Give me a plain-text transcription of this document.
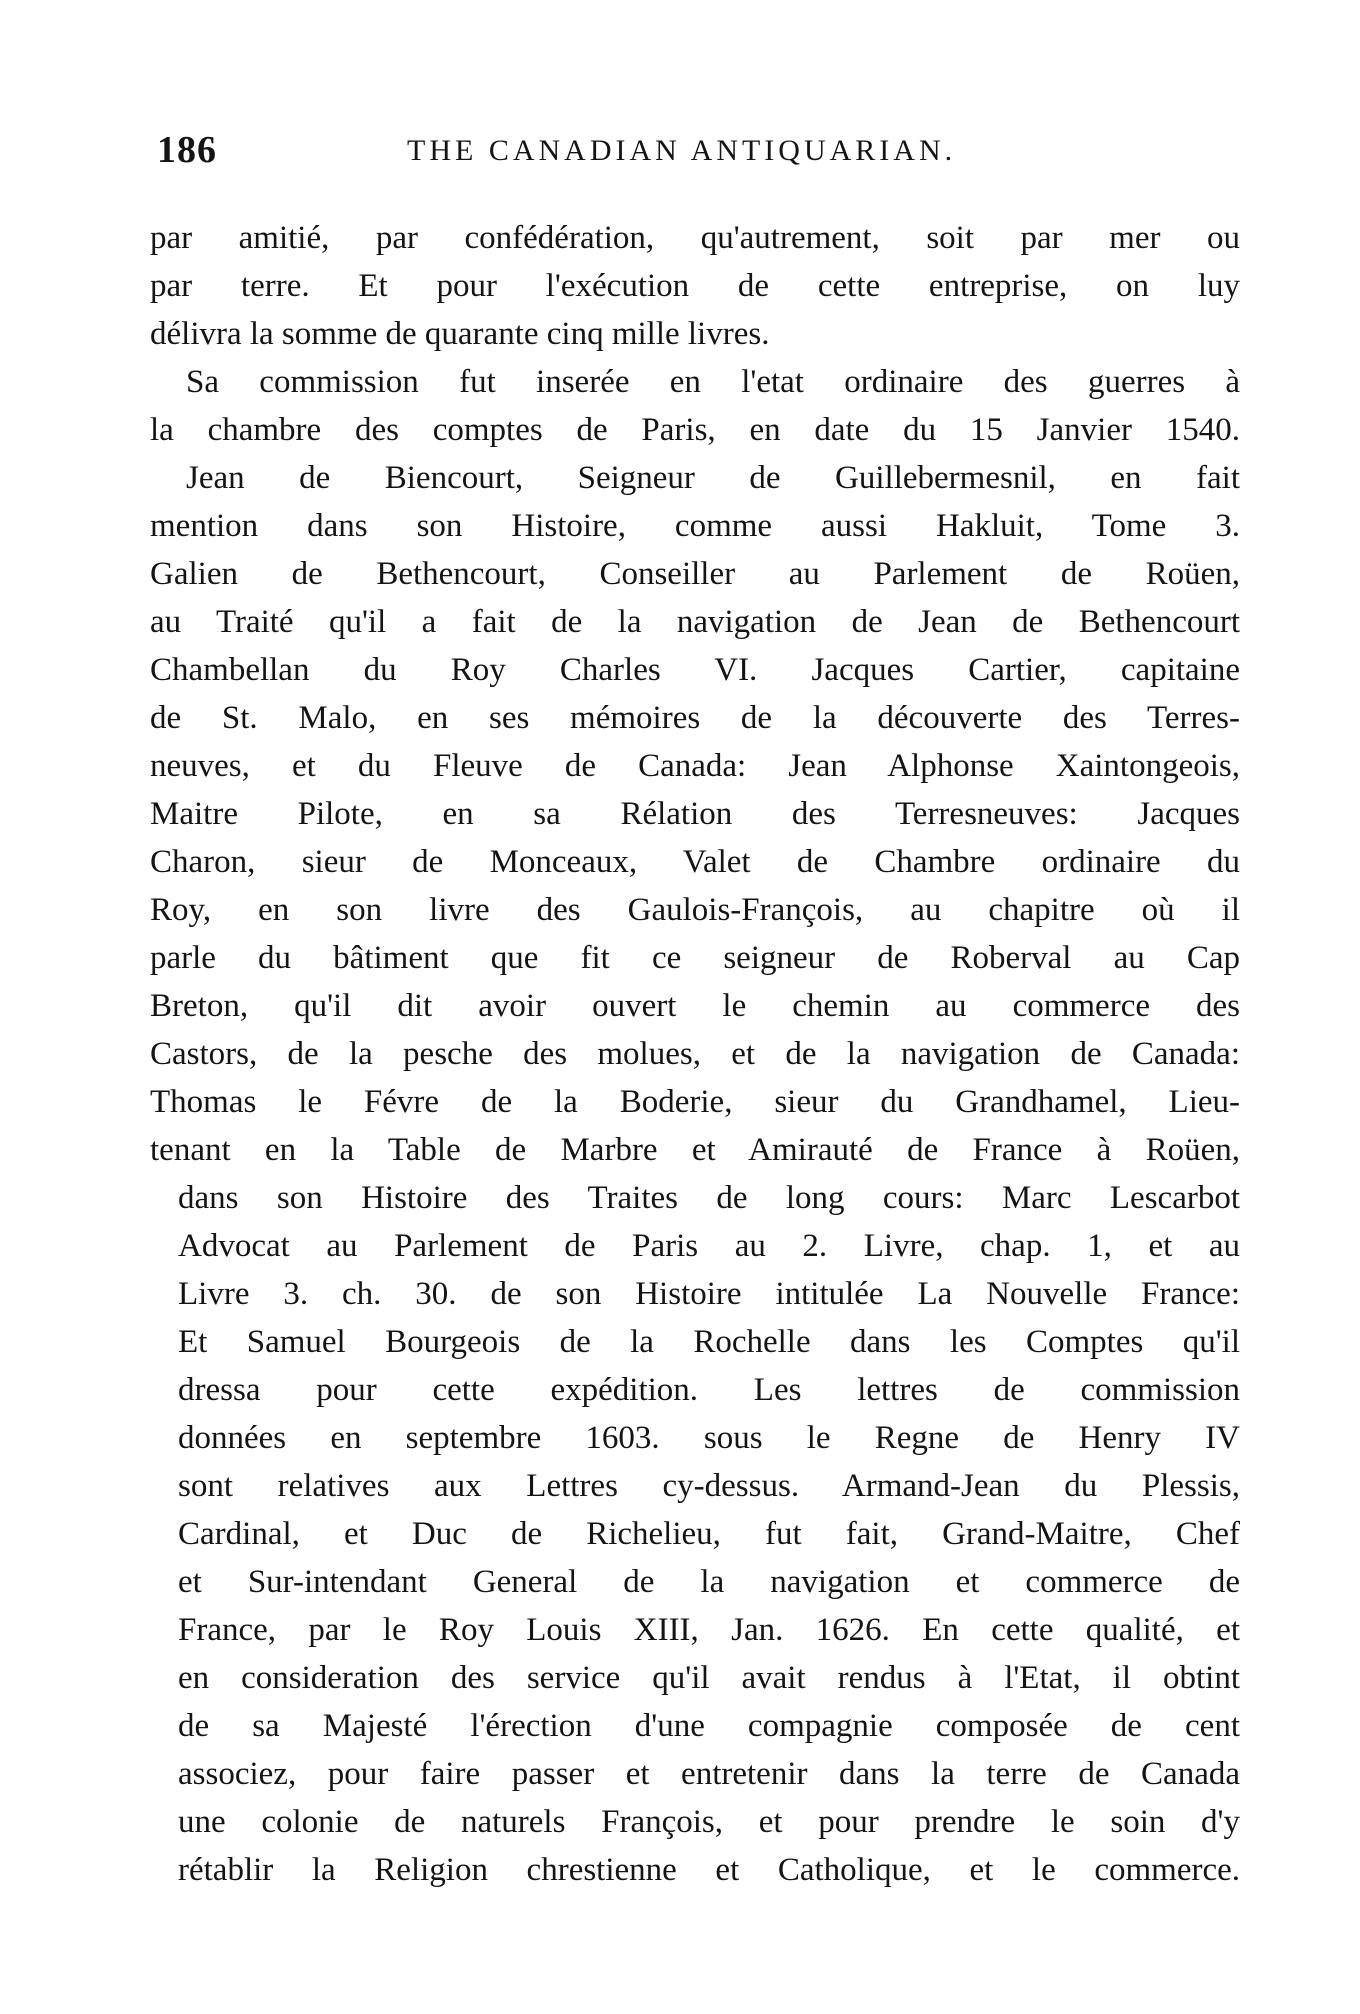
186	THE CANADIAN ANTIQUARIAN.

par amitié, par confédération, qu'autrement, soit par mer ou
par terre. Et pour l'exécution de cette entreprise, on luy
délivra la somme de quarante cinq mille livres.

Sa commission fut inserée en l'etat ordinaire des guerres à
la chambre des comptes de Paris, en date du 15 Janvier 1540.

Jean de Biencourt, Seigneur de Guillebermesnil, en fait
mention dans son Histoire, comme aussi Hakluit, Tome 3.
Galien de Bethencourt, Conseiller au Parlement de Roüen,
au Traité qu'il a fait de la navigation de Jean de Bethencourt
Chambellan du Roy Charles VI. Jacques Cartier, capitaine
de St. Malo, en ses mémoires de la découverte des Terres-
neuves, et du Fleuve de Canada: Jean Alphonse Xaintongeois,
Maitre Pilote, en sa Rélation des Terresneuves: Jacques
Charon, sieur de Monceaux, Valet de Chambre ordinaire du
Roy, en son livre des Gaulois-François, au chapitre où il
parle du bâtiment que fit ce seigneur de Roberval au Cap
Breton, qu'il dit avoir ouvert le chemin au commerce des
Castors, de la pesche des molues, et de la navigation de Canada:
Thomas le Févre de la Boderie, sieur du Grandhamel, Lieu-
tenant en la Table de Marbre et Amirauté de France à Roüen,
dans son Histoire des Traites de long cours: Marc Lescarbot
Advocat au Parlement de Paris au 2. Livre, chap. 1, et au
Livre 3. ch. 30. de son Histoire intitulée La Nouvelle France:
Et Samuel Bourgeois de la Rochelle dans les Comptes qu'il
dressa pour cette expédition. Les lettres de commission
données en septembre 1603. sous le Regne de Henry IV
sont relatives aux Lettres cy-dessus. Armand-Jean du Plessis,
Cardinal, et Duc de Richelieu, fut fait, Grand-Maitre, Chef
et Sur-intendant General de la navigation et commerce de
France, par le Roy Louis XIII, Jan. 1626. En cette qualité, et
en consideration des service qu'il avait rendus à l'Etat, il obtint
de sa Majesté l'érection d'une compagnie composée de cent
associez, pour faire passer et entretenir dans la terre de Canada
une colonie de naturels François, et pour prendre le soin d'y
rétablir la Religion chrestienne et Catholique, et le commerce.
